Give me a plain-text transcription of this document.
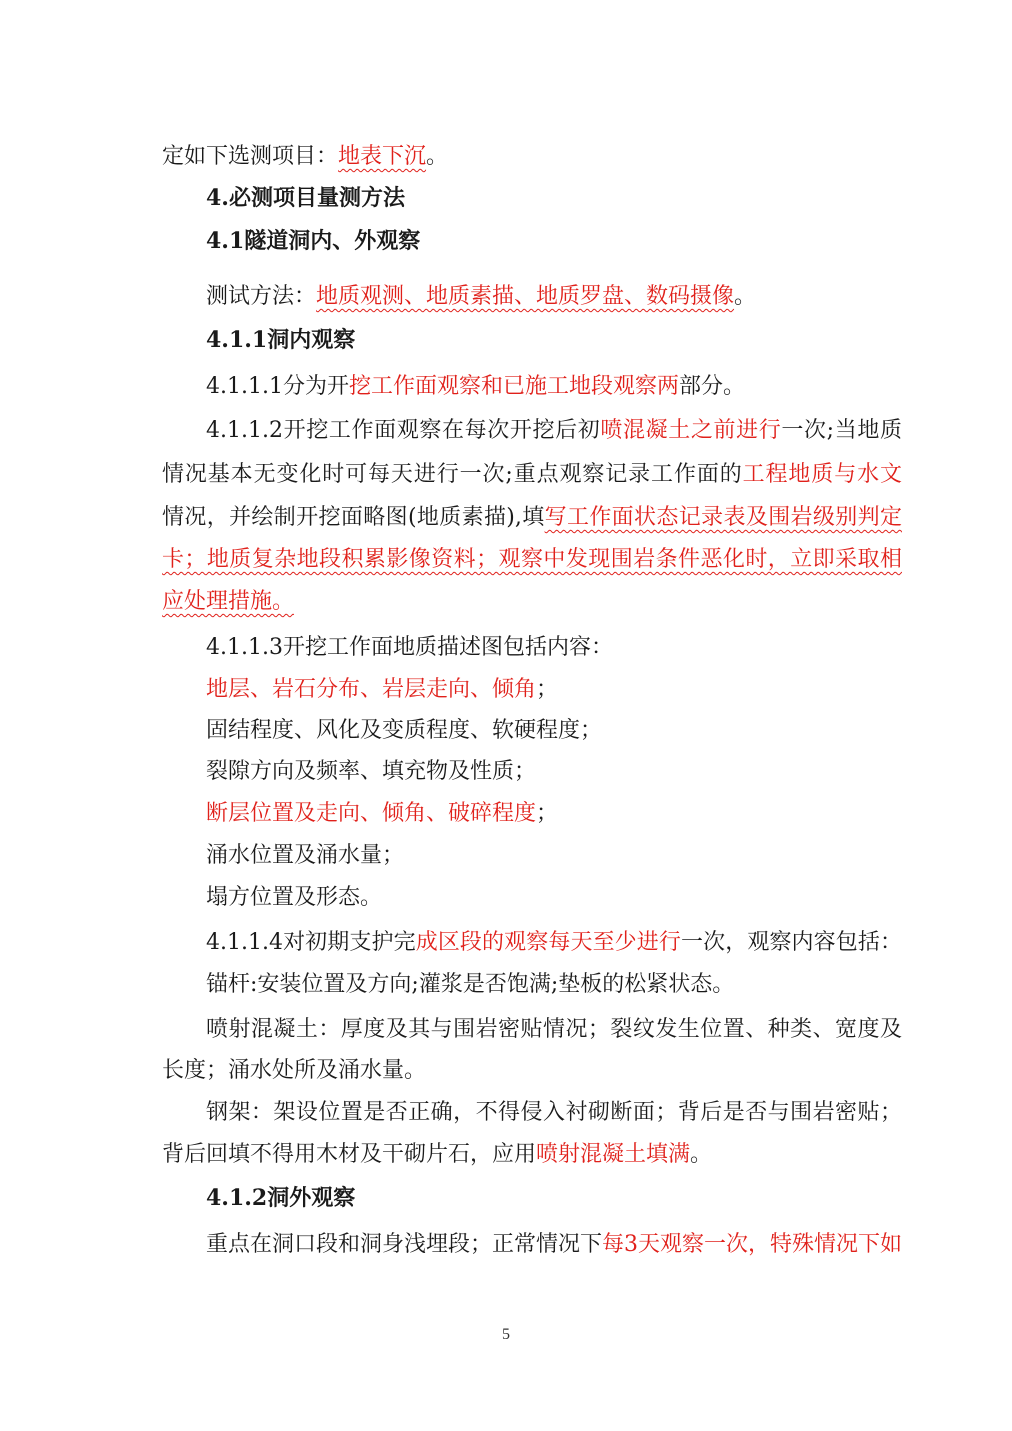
定如下选测项目：地表下沉。
4.必测项目量测方法
4.1隧道洞内、外观察
测试方法：地质观测、地质素描、地质罗盘、数码摄像。
4.1.1洞内观察
4.1.1.1分为开挖工作面观察和已施工地段观察两部分。
4.1.1.2开挖工作面观察在每次开挖后初喷混凝土之前进行一次;当地质
情况基本无变化时可每天进行一次;重点观察记录工作面的工程地质与水文
情况，并绘制开挖面略图(地质素描),填写工作面状态记录表及围岩级别判定
卡；地质复杂地段积累影像资料；观察中发现围岩条件恶化时，立即采取相
应处理措施。
4.1.1.3开挖工作面地质描述图包括内容：
地层、岩石分布、岩层走向、倾角；
固结程度、风化及变质程度、软硬程度；
裂隙方向及频率、填充物及性质；
断层位置及走向、倾角、破碎程度；
涌水位置及涌水量；
塌方位置及形态。
4.1.1.4对初期支护完成区段的观察每天至少进行一次，观察内容包括：
锚杆:安装位置及方向;灌浆是否饱满;垫板的松紧状态。
喷射混凝土：厚度及其与围岩密贴情况；裂纹发生位置、种类、宽度及
长度；涌水处所及涌水量。
钢架：架设位置是否正确，不得侵入衬砌断面；背后是否与围岩密贴；
背后回填不得用木材及干砌片石，应用喷射混凝土填满。
4.1.2洞外观察
重点在洞口段和洞身浅埋段；正常情况下每3天观察一次，特殊情况下如
5
